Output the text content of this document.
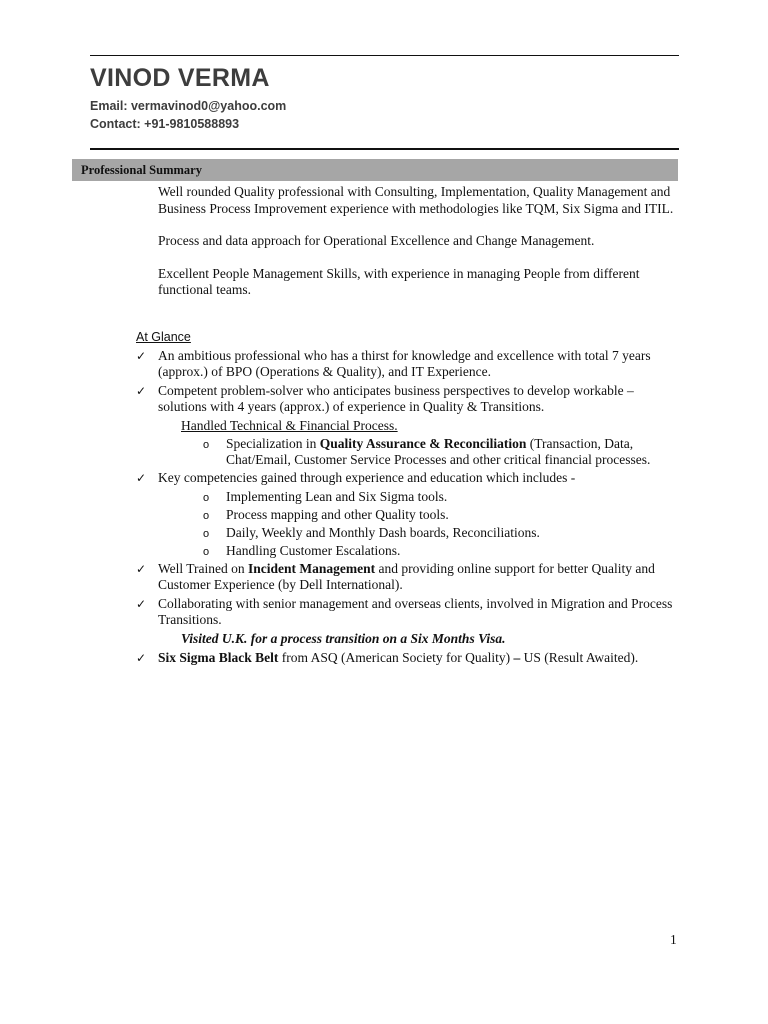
VINOD VERMA
Email: vermavinod0@yahoo.com
Contact: +91-9810588893
Professional Summary

Well rounded Quality professional with Consulting, Implementation, Quality Management and Business Process Improvement experience with methodologies like TQM, Six Sigma and ITIL.

Process and data approach for Operational Excellence and Change Management.

Excellent People Management Skills, with experience in managing People from different functional teams.

At Glance
✓ An ambitious professional who has a thirst for knowledge and excellence with total 7 years (approx.) of BPO (Operations & Quality), and IT Experience.
✓ Competent problem-solver who anticipates business perspectives to develop workable – solutions with 4 years (approx.) of experience in Quality & Transitions.
Handled Technical & Financial Process.
o Specialization in Quality Assurance & Reconciliation (Transaction, Data, Chat/Email, Customer Service Processes and other critical financial processes.
✓ Key competencies gained through experience and education which includes -
o Implementing Lean and Six Sigma tools.
o Process mapping and other Quality tools.
o Daily, Weekly and Monthly Dash boards, Reconciliations.
o Handling Customer Escalations.
✓ Well Trained on Incident Management and providing online support for better Quality and Customer Experience (by Dell International).
✓ Collaborating with senior management and overseas clients, involved in Migration and Process Transitions.
Visited U.K. for a process transition on a Six Months Visa.
✓ Six Sigma Black Belt from ASQ (American Society for Quality) – US (Result Awaited).
1
